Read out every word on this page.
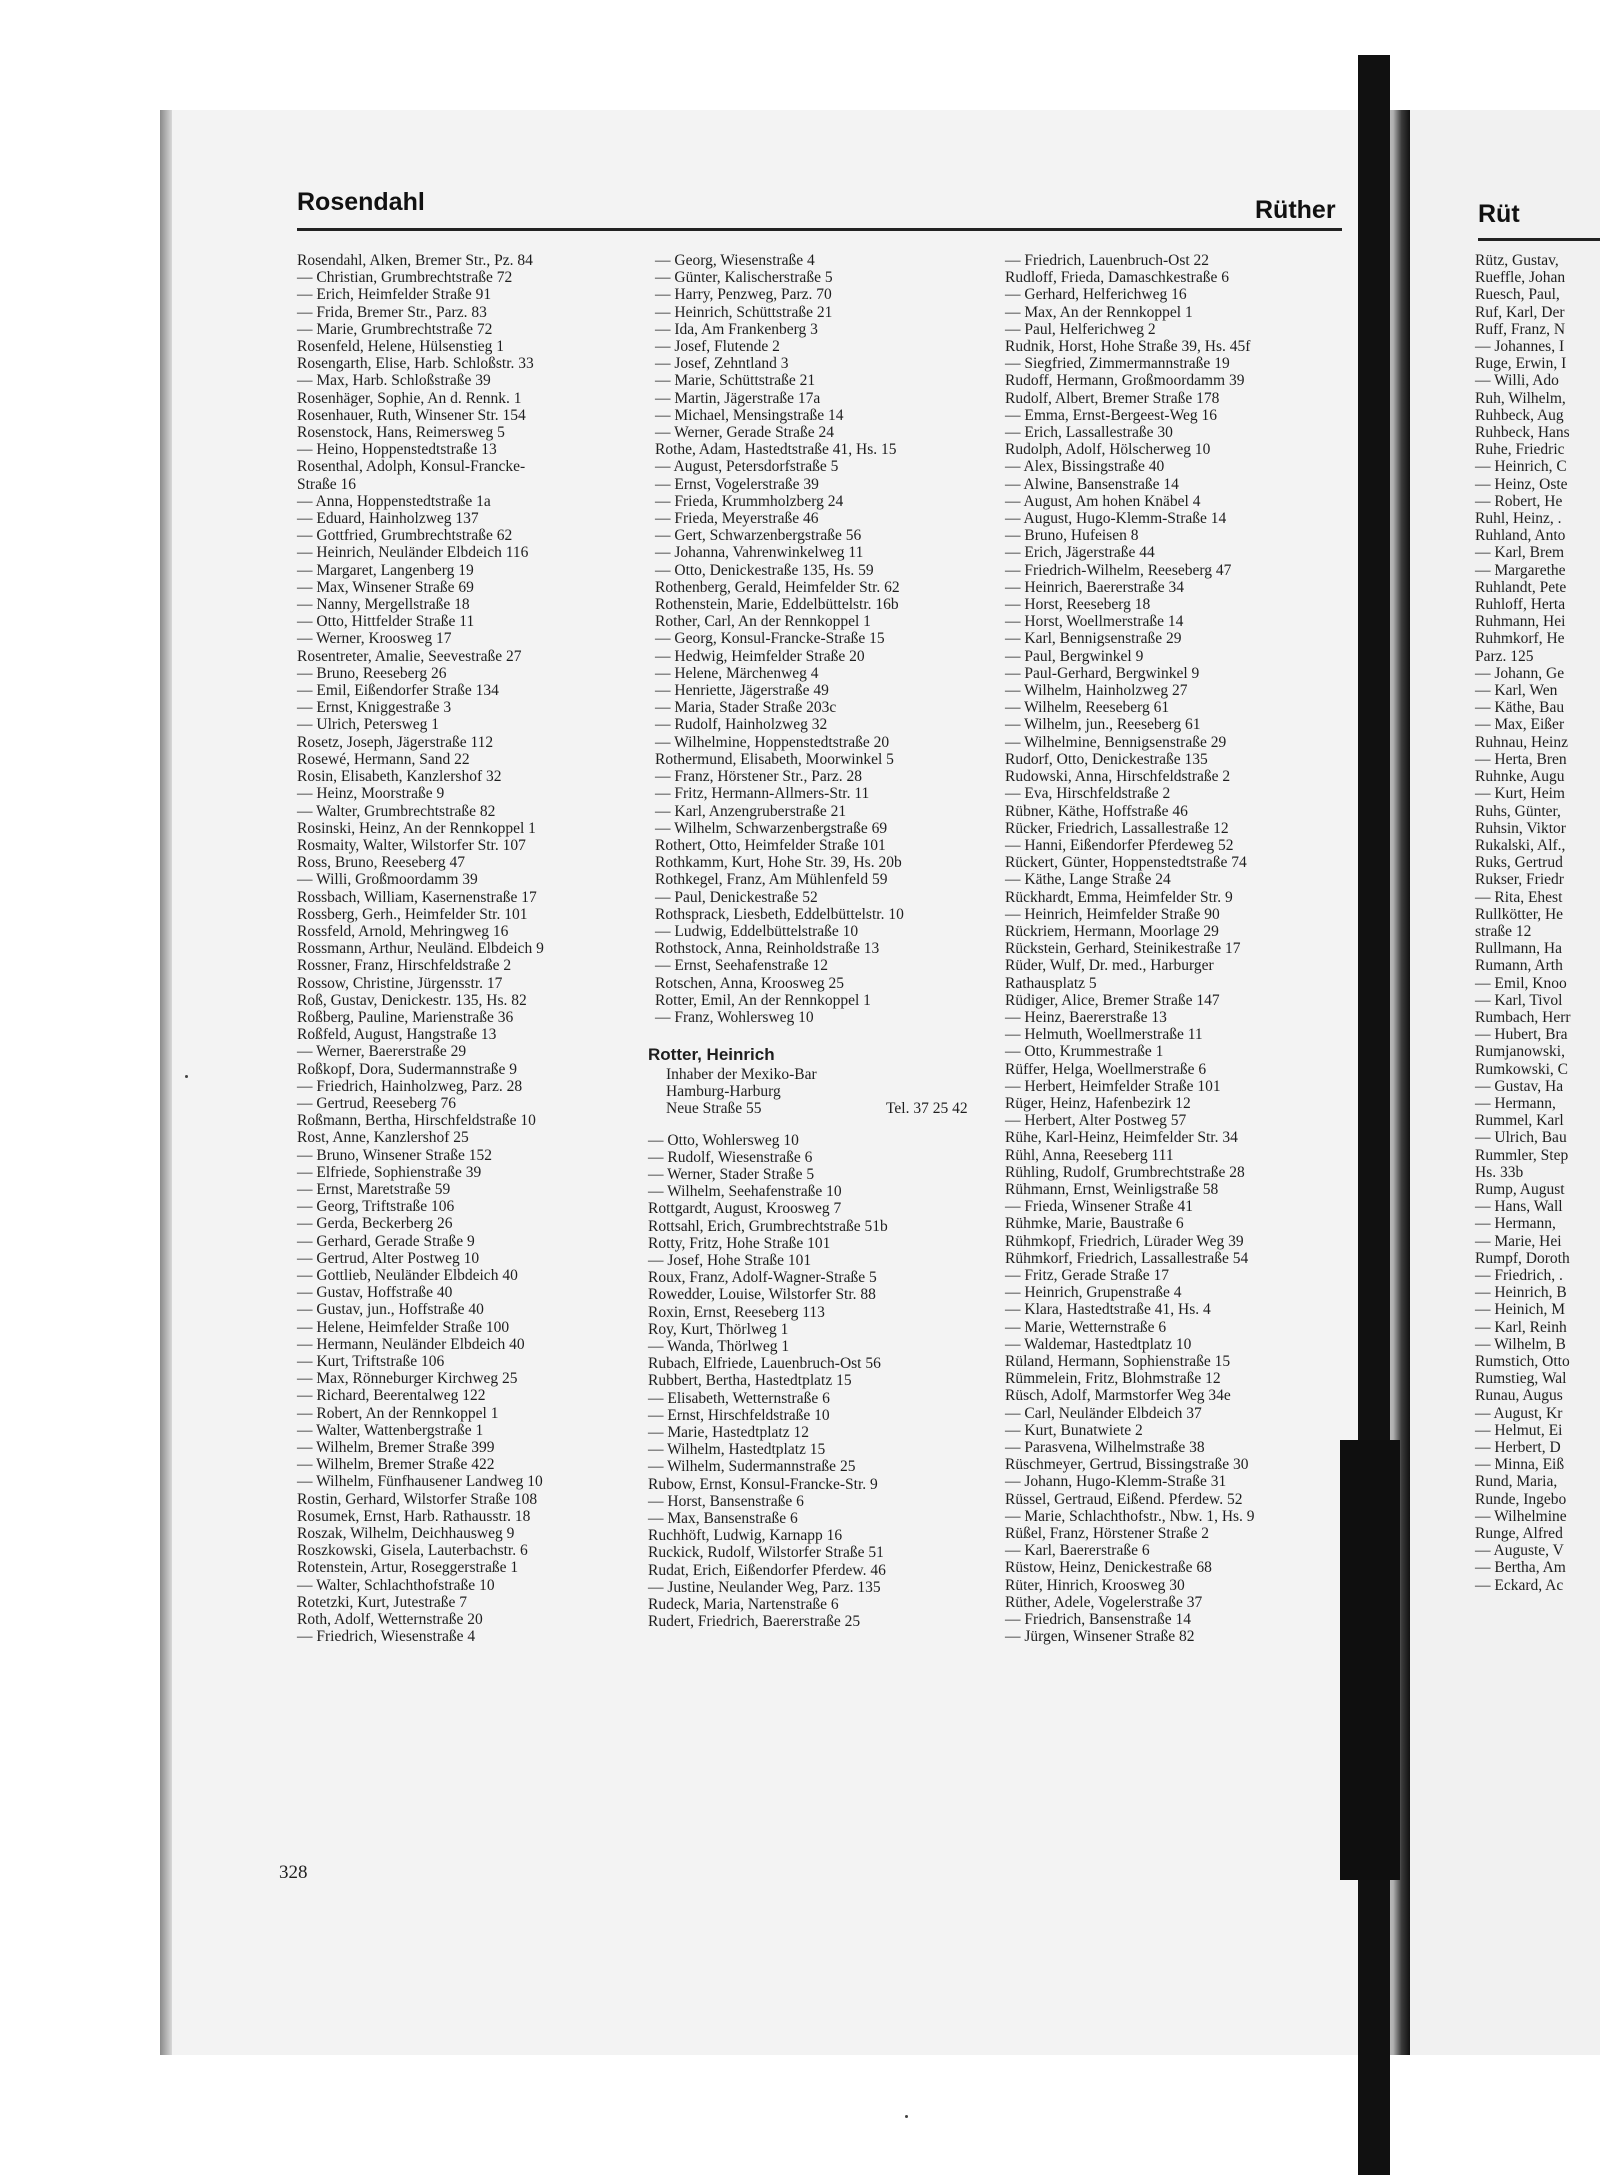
Rosendahl	Rüther	Rüt
Rosendahl, Alken, Bremer Str., Pz. 84
— Christian, Grumbrechtstraße 72
— Erich, Heimfelder Straße 91
— Frida, Bremer Str., Parz. 83
— Marie, Grumbrechtstraße 72
Rosenfeld, Helene, Hülsenstieg 1
Rosengarth, Elise, Harb. Schloßstr. 33
— Max, Harb. Schloßstraße 39
Rosenhäger, Sophie, An d. Rennk. 1
Rosenhauer, Ruth, Winsener Str. 154
Rosenstock, Hans, Reimersweg 5
— Heino, Hoppenstedtstraße 13
Rosenthal, Adolph, Konsul-Francke-
Straße 16
— Anna, Hoppenstedtstraße 1a
— Eduard, Hainholzweg 137
— Gottfried, Grumbrechtstraße 62
— Heinrich, Neuländer Elbdeich 116
— Margaret, Langenberg 19
— Max, Winsener Straße 69
— Nanny, Mergellstraße 18
— Otto, Hittfelder Straße 11
— Werner, Kroosweg 17
Rosentreter, Amalie, Seevestraße 27
— Bruno, Reeseberg 26
— Emil, Eißendorfer Straße 134
— Ernst, Kniggestraße 3
— Ulrich, Petersweg 1
Rosetz, Joseph, Jägerstraße 112
Rosewé, Hermann, Sand 22
Rosin, Elisabeth, Kanzlershof 32
— Heinz, Moorstraße 9
— Walter, Grumbrechtstraße 82
Rosinski, Heinz, An der Rennkoppel 1
Rosmaity, Walter, Wilstorfer Str. 107
Ross, Bruno, Reeseberg 47
— Willi, Großmoordamm 39
Rossbach, William, Kasernenstraße 17
Rossberg, Gerh., Heimfelder Str. 101
Rossfeld, Arnold, Mehringweg 16
Rossmann, Arthur, Neuländ. Elbdeich 9
Rossner, Franz, Hirschfeldstraße 2
Rossow, Christine, Jürgensstr. 17
Roß, Gustav, Denickestr. 135, Hs. 82
Roßberg, Pauline, Marienstraße 36
Roßfeld, August, Hangstraße 13
— Werner, Baererstraße 29
Roßkopf, Dora, Sudermannstraße 9
— Friedrich, Hainholzweg, Parz. 28
— Gertrud, Reeseberg 76
Roßmann, Bertha, Hirschfeldstraße 10
Rost, Anne, Kanzlershof 25
— Bruno, Winsener Straße 152
— Elfriede, Sophienstraße 39
— Ernst, Maretstraße 59
— Georg, Triftstraße 106
— Gerda, Beckerberg 26
— Gerhard, Gerade Straße 9
— Gertrud, Alter Postweg 10
— Gottlieb, Neuländer Elbdeich 40
— Gustav, Hoffstraße 40
— Gustav, jun., Hoffstraße 40
— Helene, Heimfelder Straße 100
— Hermann, Neuländer Elbdeich 40
— Kurt, Triftstraße 106
— Max, Rönneburger Kirchweg 25
— Richard, Beerentalweg 122
— Robert, An der Rennkoppel 1
— Walter, Wattenbergstraße 1
— Wilhelm, Bremer Straße 399
— Wilhelm, Bremer Straße 422
— Wilhelm, Fünfhausener Landweg 10
Rostin, Gerhard, Wilstorfer Straße 108
Rosumek, Ernst, Harb. Rathausstr. 18
Roszak, Wilhelm, Deichhausweg 9
Roszkowski, Gisela, Lauterbachstr. 6
Rotenstein, Artur, Roseggerstraße 1
— Walter, Schlachthofstraße 10
Rotetzki, Kurt, Jutestraße 7
Roth, Adolf, Wetternstraße 20
— Friedrich, Wiesenstraße 4
— Georg, Wiesenstraße 4
— Günter, Kalischerstraße 5
— Harry, Penzweg, Parz. 70
— Heinrich, Schüttstraße 21
— Ida, Am Frankenberg 3
— Josef, Flutende 2
— Josef, Zehntland 3
— Marie, Schüttstraße 21
— Martin, Jägerstraße 17a
— Michael, Mensingstraße 14
— Werner, Gerade Straße 24
Rothe, Adam, Hastedtstraße 41, Hs. 15
— August, Petersdorfstraße 5
— Ernst, Vogelerstraße 39
— Frieda, Krummholzberg 24
— Frieda, Meyerstraße 46
— Gert, Schwarzenbergstraße 56
— Johanna, Vahrenwinkelweg 11
— Otto, Denickestraße 135, Hs. 59
Rothenberg, Gerald, Heimfelder Str. 62
Rothenstein, Marie, Eddelbüttelstr. 16b
Rother, Carl, An der Rennkoppel 1
— Georg, Konsul-Francke-Straße 15
— Hedwig, Heimfelder Straße 20
— Helene, Märchenweg 4
— Henriette, Jägerstraße 49
— Maria, Stader Straße 203c
— Rudolf, Hainholzweg 32
— Wilhelmine, Hoppenstedtstraße 20
Rothermund, Elisabeth, Moorwinkel 5
— Franz, Hörstener Str., Parz. 28
— Fritz, Hermann-Allmers-Str. 11
— Karl, Anzengruberstraße 21
— Wilhelm, Schwarzenbergstraße 69
Rothert, Otto, Heimfelder Straße 101
Rothkamm, Kurt, Hohe Str. 39, Hs. 20b
Rothkegel, Franz, Am Mühlenfeld 59
— Paul, Denickestraße 52
Rothsprack, Liesbeth, Eddelbüttelstr. 10
— Ludwig, Eddelbüttelstraße 10
Rothstock, Anna, Reinholdstraße 13
— Ernst, Seehafenstraße 12
Rotschen, Anna, Kroosweg 25
Rotter, Emil, An der Rennkoppel 1
— Franz, Wohlersweg 10
Rotter, Heinrich
Inhaber der Mexiko-Bar
Hamburg-Harburg
Neue Straße 55	Tel. 37 25 42
— Otto, Wohlersweg 10
— Rudolf, Wiesenstraße 6
— Werner, Stader Straße 5
— Wilhelm, Seehafenstraße 10
Rottgardt, August, Kroosweg 7
Rottsahl, Erich, Grumbrechtstraße 51b
Rotty, Fritz, Hohe Straße 101
— Josef, Hohe Straße 101
Roux, Franz, Adolf-Wagner-Straße 5
Rowedder, Louise, Wilstorfer Str. 88
Roxin, Ernst, Reeseberg 113
Roy, Kurt, Thörlweg 1
— Wanda, Thörlweg 1
Rubach, Elfriede, Lauenbruch-Ost 56
Rubbert, Bertha, Hastedtplatz 15
— Elisabeth, Wetternstraße 6
— Ernst, Hirschfeldstraße 10
— Marie, Hastedtplatz 12
— Wilhelm, Hastedtplatz 15
— Wilhelm, Sudermannstraße 25
Rubow, Ernst, Konsul-Francke-Str. 9
— Horst, Bansenstraße 6
— Max, Bansenstraße 6
Ruchhöft, Ludwig, Karnapp 16
Ruckick, Rudolf, Wilstorfer Straße 51
Rudat, Erich, Eißendorfer Pferdew. 46
— Justine, Neulander Weg, Parz. 135
Rudeck, Maria, Nartenstraße 6
Rudert, Friedrich, Baererstraße 25
— Friedrich, Lauenbruch-Ost 22
Rudloff, Frieda, Damaschkestraße 6
— Gerhard, Helferichweg 16
— Max, An der Rennkoppel 1
— Paul, Helferichweg 2
Rudnik, Horst, Hohe Straße 39, Hs. 45f
— Siegfried, Zimmermannstraße 19
Rudoff, Hermann, Großmoordamm 39
Rudolf, Albert, Bremer Straße 178
— Emma, Ernst-Bergeest-Weg 16
— Erich, Lassallestraße 30
Rudolph, Adolf, Hölscherweg 10
— Alex, Bissingstraße 40
— Alwine, Bansenstraße 14
— August, Am hohen Knäbel 4
— August, Hugo-Klemm-Straße 14
— Bruno, Hufeisen 8
— Erich, Jägerstraße 44
— Friedrich-Wilhelm, Reeseberg 47
— Heinrich, Baererstraße 34
— Horst, Reeseberg 18
— Horst, Woellmerstraße 14
— Karl, Bennigsenstraße 29
— Paul, Bergwinkel 9
— Paul-Gerhard, Bergwinkel 9
— Wilhelm, Hainholzweg 27
— Wilhelm, Reeseberg 61
— Wilhelm, jun., Reeseberg 61
— Wilhelmine, Bennigsenstraße 29
Rudorf, Otto, Denickestraße 135
Rudowski, Anna, Hirschfeldstraße 2
— Eva, Hirschfeldstraße 2
Rübner, Käthe, Hoffstraße 46
Rücker, Friedrich, Lassallestraße 12
— Hanni, Eißendorfer Pferdeweg 52
Rückert, Günter, Hoppenstedtstraße 74
— Käthe, Lange Straße 24
Rückhardt, Emma, Heimfelder Str. 9
— Heinrich, Heimfelder Straße 90
Rückriem, Hermann, Moorlage 29
Rückstein, Gerhard, Steinikestraße 17
Rüder, Wulf, Dr. med., Harburger
Rathausplatz 5
Rüdiger, Alice, Bremer Straße 147
— Heinz, Baererstraße 13
— Helmuth, Woellmerstraße 11
— Otto, Krummestraße 1
Rüffer, Helga, Woellmerstraße 6
— Herbert, Heimfelder Straße 101
Rüger, Heinz, Hafenbezirk 12
— Herbert, Alter Postweg 57
Rühe, Karl-Heinz, Heimfelder Str. 34
Rühl, Anna, Reeseberg 111
Rühling, Rudolf, Grumbrechtstraße 28
Rühmann, Ernst, Weinligstraße 58
— Frieda, Winsener Straße 41
Rühmke, Marie, Baustraße 6
Rühmkopf, Friedrich, Lürader Weg 39
Rühmkorf, Friedrich, Lassallestraße 54
— Fritz, Gerade Straße 17
— Heinrich, Grupenstraße 4
— Klara, Hastedtstraße 41, Hs. 4
— Marie, Wetternstraße 6
— Waldemar, Hastedtplatz 10
Rüland, Hermann, Sophienstraße 15
Rümmelein, Fritz, Blohmstraße 12
Rüsch, Adolf, Marmstorfer Weg 34e
— Carl, Neuländer Elbdeich 37
— Kurt, Bunatwiete 2
— Parasvena, Wilhelmstraße 38
Rüschmeyer, Gertrud, Bissingstraße 30
— Johann, Hugo-Klemm-Straße 31
Rüssel, Gertraud, Eißend. Pferdew. 52
— Marie, Schlachthofstr., Nbw. 1, Hs. 9
Rüßel, Franz, Hörstener Straße 2
— Karl, Baererstraße 6
Rüstow, Heinz, Denickestraße 68
Rüter, Hinrich, Kroosweg 30
Rüther, Adele, Vogelerstraße 37
— Friedrich, Bansenstraße 14
— Jürgen, Winsener Straße 82
Rütz, Gustav,
Rueffle, Johan
Ruesch, Paul,
Ruf, Karl, Der
Ruff, Franz, N
— Johannes, I
Ruge, Erwin, I
— Willi, Ado
Ruh, Wilhelm,
Ruhbeck, Aug
Ruhbeck, Hans
Ruhe, Friedric
— Heinrich, C
— Heinz, Oste
— Robert, He
Ruhl, Heinz, .
Ruhland, Anto
— Karl, Brem
— Margarethe
Ruhlandt, Pete
Ruhloff, Herta
Ruhmann, Hei
Ruhmkorf, He
Parz. 125
— Johann, Ge
— Karl, Wen
— Käthe, Bau
— Max, Eißer
Ruhnau, Heinz
— Herta, Bren
Ruhnke, Augu
— Kurt, Heim
Ruhs, Günter,
Ruhsin, Viktor
Rukalski, Alf.,
Ruks, Gertrud
Rukser, Friedr
— Rita, Ehest
Rullkötter, He
straße 12
Rullmann, Ha
Rumann, Arth
— Emil, Knoo
— Karl, Tivol
Rumbach, Herr
— Hubert, Bra
Rumjanowski,
Rumkowski, C
— Gustav, Ha
— Hermann,
Rummel, Karl
— Ulrich, Bau
Rummler, Step
Hs. 33b
Rump, August
— Hans, Wall
— Hermann,
— Marie, Hei
Rumpf, Doroth
— Friedrich, .
— Heinrich, B
— Heinich, M
— Karl, Reinh
— Wilhelm, B
Rumstich, Otto
Rumstieg, Wal
Runau, Augus
— August, Kr
— Helmut, Ei
— Herbert, D
— Minna, Eiß
Rund, Maria,
Runde, Ingebo
— Wilhelmine
Runge, Alfred
— Auguste, V
— Bertha, Am
— Eckard, Ac
328
